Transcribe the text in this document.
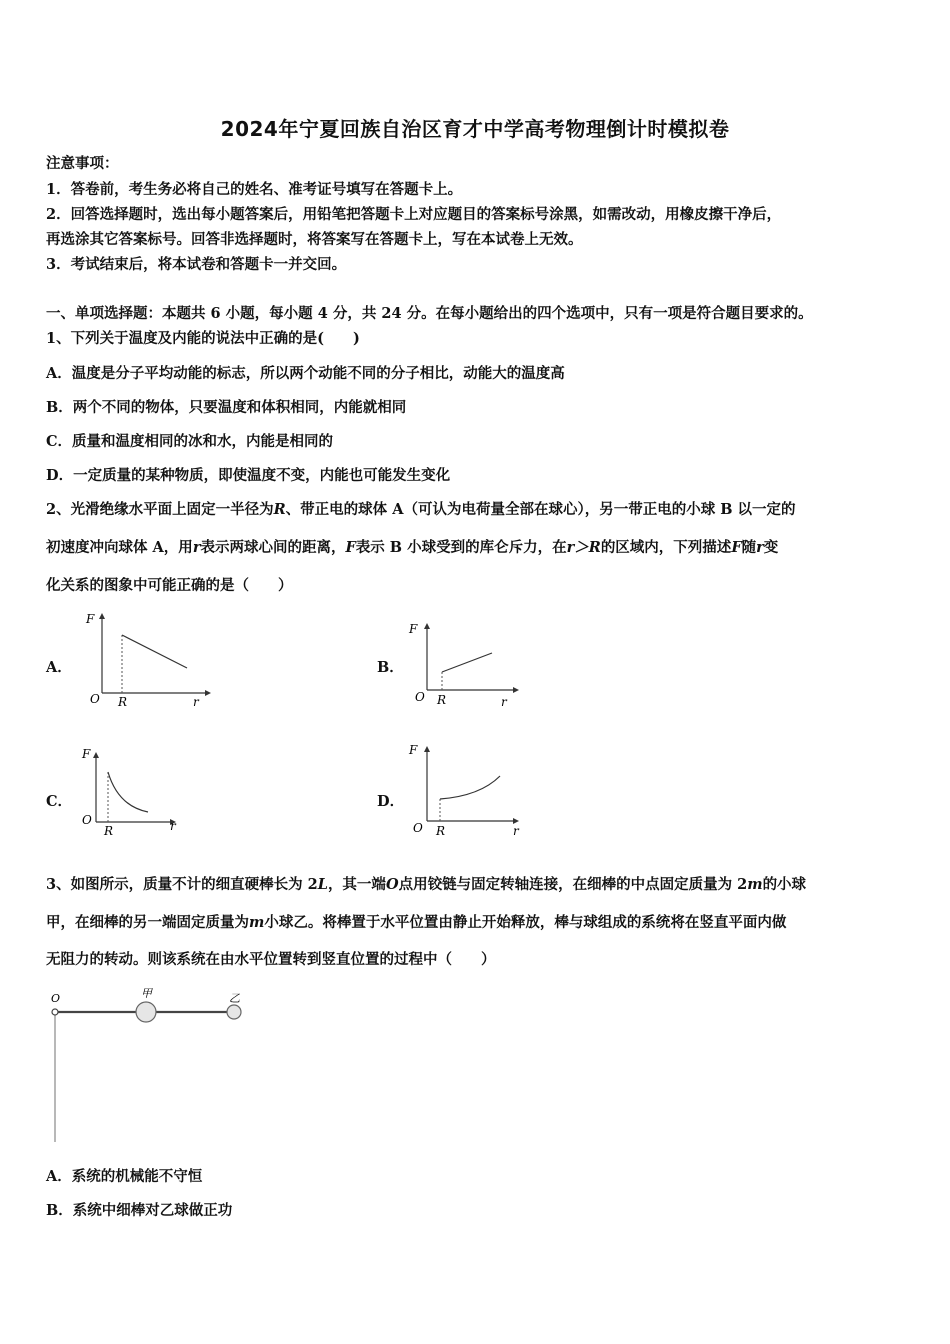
2024年宁夏回族自治区育才中学高考物理倒计时模拟卷
注意事项：
1．答卷前，考生务必将自己的姓名、准考证号填写在答题卡上。
2．回答选择题时，选出每小题答案后，用铅笔把答题卡上对应题目的答案标号涂黑，如需改动，用橡皮擦干净后，
再选涂其它答案标号。回答非选择题时，将答案写在答题卡上，写在本试卷上无效。
3．考试结束后，将本试卷和答题卡一并交回。
一、单项选择题：本题共 6 小题，每小题 4 分，共 24 分。在每小题给出的四个选项中，只有一项是符合题目要求的。
1、下列关于温度及内能的说法中正确的是(　　)
A．温度是分子平均动能的标志，所以两个动能不同的分子相比，动能大的温度高
B．两个不同的物体，只要温度和体积相同，内能就相同
C．质量和温度相同的冰和水，内能是相同的
D．一定质量的某种物质，即使温度不变，内能也可能发生变化
2、光滑绝缘水平面上固定一半径为R、带正电的球体 A（可认为电荷量全部在球心），另一带正电的小球 B 以一定的
初速度冲向球体 A，用r表示两球心间的距离，F表示 B 小球受到的库仑斥力，在r＞R的区域内，下列描述F随r变
化关系的图象中可能正确的是（　　）
A．
F
O R	r
B．
F
O R	r
C．
F
O
R	r
D．
F
O R	r
3、如图所示，质量不计的细直硬棒长为 2L，其一端O点用铰链与固定转轴连接，在细棒的中点固定质量为 2m的小球
甲，在细棒的另一端固定质量为m小球乙。将棒置于水平位置由静止开始释放，棒与球组成的系统将在竖直平面内做
无阻力的转动。则该系统在由水平位置转到竖直位置的过程中（　　）
O	甲	乙
A．系统的机械能不守恒
B．系统中细棒对乙球做正功
